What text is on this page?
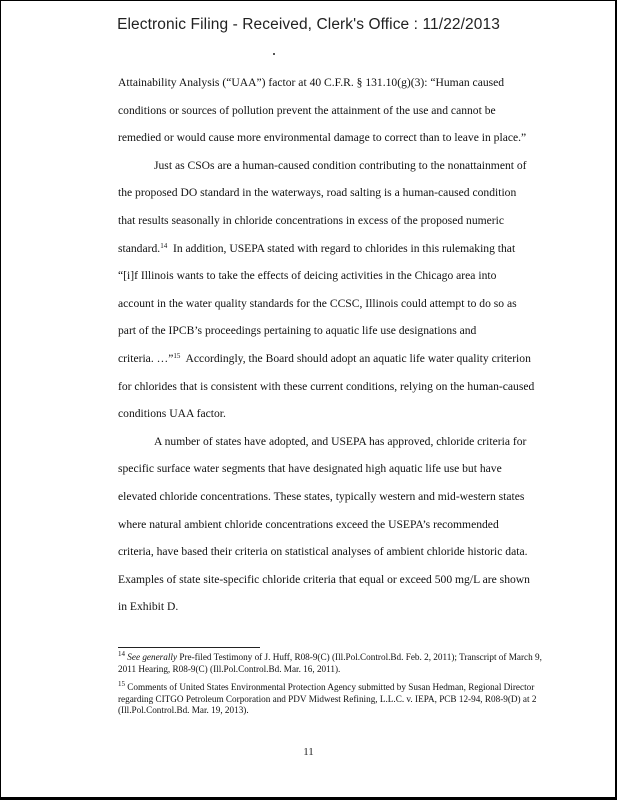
Electronic Filing - Received, Clerk's Office : 11/22/2013

Attainability Analysis (“UAA”) factor at 40 C.F.R. § 131.10(g)(3): “Human caused
conditions or sources of pollution prevent the attainment of the use and cannot be
remedied or would cause more environmental damage to correct than to leave in place.”

Just as CSOs are a human-caused condition contributing to the nonattainment of

the proposed DO standard in the waterways, road salting is a human-caused condition
that results seasonally in chloride concentrations in excess of the proposed numeric
standard.$^{14}$ In addition, USEPA stated with regard to chlorides in this rulemaking that
“[i]f Illinois wants to take the effects of deicing activities in the Chicago area into
account in the water quality standards for the CCSC, Illinois could attempt to do so as
part of the IPCB’s proceedings pertaining to aquatic life use designations and
criteria. …”$^{15}$ Accordingly, the Board should adopt an aquatic life water quality criterion
for chlorides that is consistent with these current conditions, relying on the human-caused
conditions UAA factor.

A number of states have adopted, and USEPA has approved, chloride criteria for

specific surface water segments that have designated high aquatic life use but have
elevated chloride concentrations. These states, typically western and mid-western states
where natural ambient chloride concentrations exceed the USEPA’s recommended
criteria, have based their criteria on statistical analyses of ambient chloride historic data.
Examples of state site-specific chloride criteria that equal or exceed 500 mg/L are shown
in Exhibit D.

$^{14}$ See generally Pre-filed Testimony of J. Huff, R08-9(C) (Ill.Pol.Control.Bd. Feb. 2, 2011); Transcript of March 9, 2011 Hearing, R08-9(C) (Ill.Pol.Control.Bd. Mar. 16, 2011).

$^{15}$ Comments of United States Environmental Protection Agency submitted by Susan Hedman, Regional Director regarding CITGO Petroleum Corporation and PDV Midwest Refining, L.L.C. v. IEPA, PCB 12-94, R08-9(D) at 2 (Ill.Pol.Control.Bd. Mar. 19, 2013).

11
